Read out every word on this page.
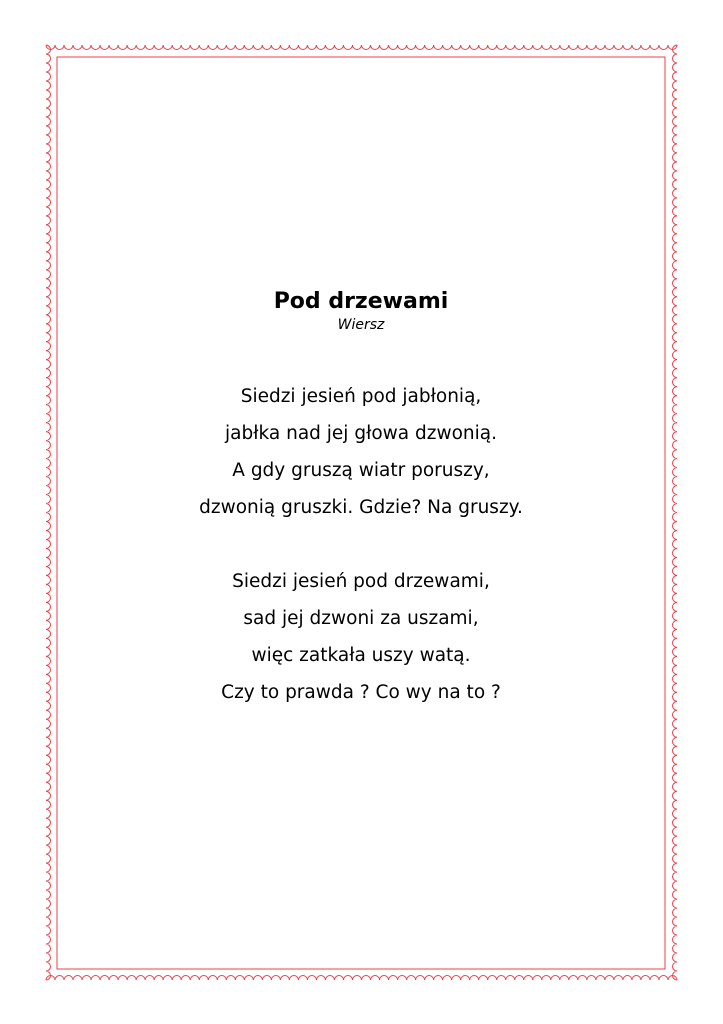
Pod drzewami
Wiersz
Siedzi jesień pod jabłonią,
jabłka nad jej głowa dzwonią.
A gdy gruszą wiatr poruszy,
dzwonią gruszki. Gdzie? Na gruszy.
Siedzi jesień pod drzewami,
sad jej dzwoni za uszami,
więc zatkała uszy watą.
Czy to prawda ? Co wy na to ?
